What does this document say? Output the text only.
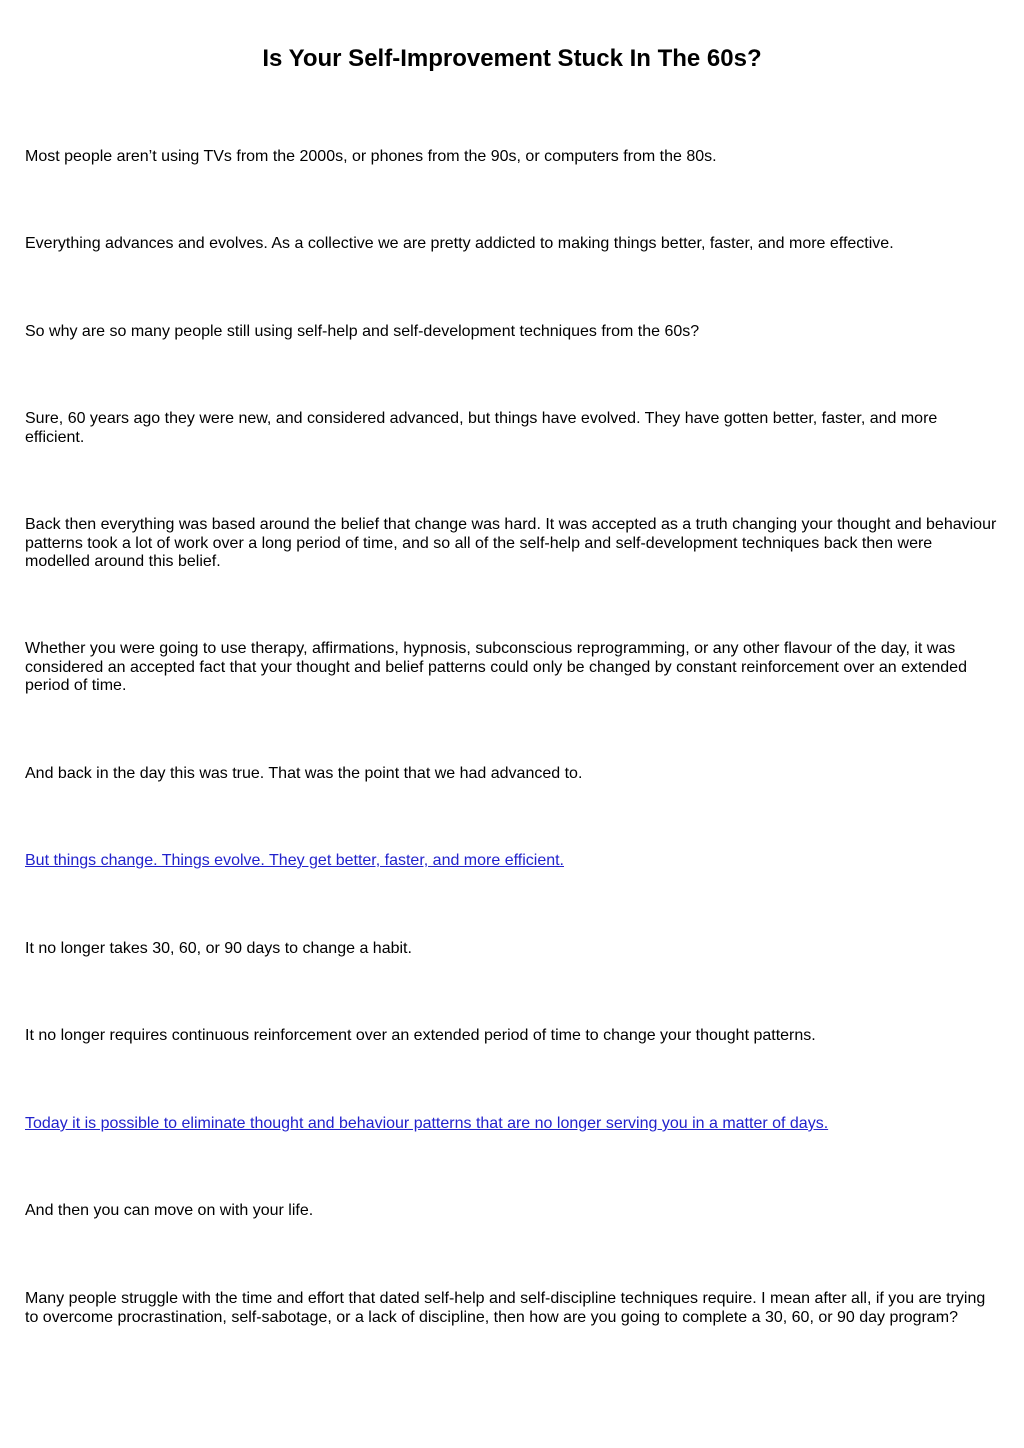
Is Your Self-Improvement Stuck In The 60s?

Most people aren’t using TVs from the 2000s, or phones from the 90s, or computers from the 80s.

Everything advances and evolves. As a collective we are pretty addicted to making things better, faster, and more effective.

So why are so many people still using self-help and self-development techniques from the 60s?

Sure, 60 years ago they were new, and considered advanced, but things have evolved. They have gotten better, faster, and more efficient.

Back then everything was based around the belief that change was hard. It was accepted as a truth changing your thought and behaviour patterns took a lot of work over a long period of time, and so all of the self-help and self-development techniques back then were modelled around this belief.

Whether you were going to use therapy, affirmations, hypnosis, subconscious reprogramming, or any other flavour of the day, it was considered an accepted fact that your thought and belief patterns could only be changed by constant reinforcement over an extended period of time.

And back in the day this was true. That was the point that we had advanced to.

But things change. Things evolve. They get better, faster, and more efficient.

It no longer takes 30, 60, or 90 days to change a habit.

It no longer requires continuous reinforcement over an extended period of time to change your thought patterns.

Today it is possible to eliminate thought and behaviour patterns that are no longer serving you in a matter of days.

And then you can move on with your life.

Many people struggle with the time and effort that dated self-help and self-discipline techniques require. I mean after all, if you are trying to overcome procrastination, self-sabotage, or a lack of discipline, then how are you going to complete a 30, 60, or 90 day program?
